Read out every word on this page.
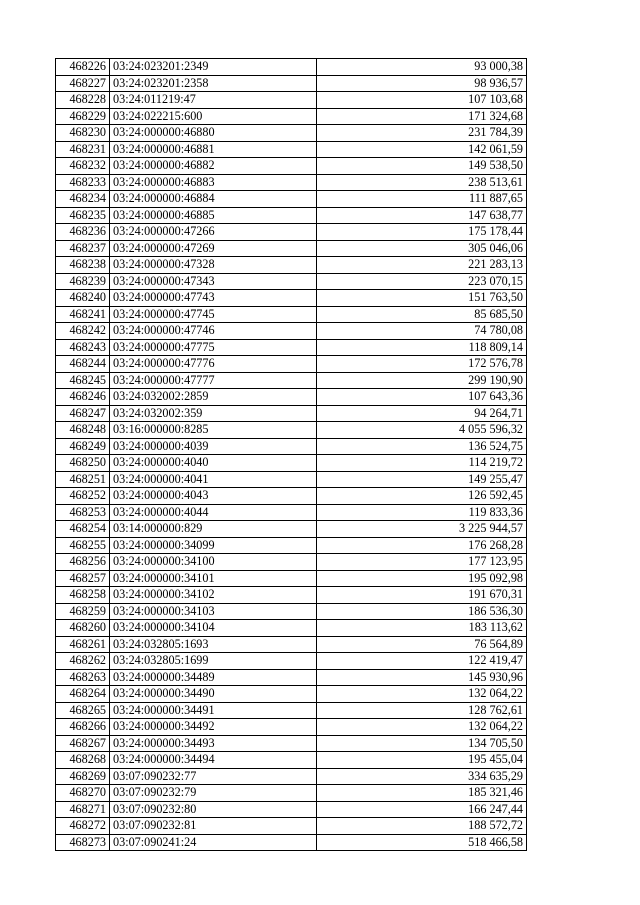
468226	03:24:023201:2349	93 000,38
468227	03:24:023201:2358	98 936,57
468228	03:24:011219:47	107 103,68
468229	03:24:022215:600	171 324,68
468230	03:24:000000:46880	231 784,39
468231	03:24:000000:46881	142 061,59
468232	03:24:000000:46882	149 538,50
468233	03:24:000000:46883	238 513,61
468234	03:24:000000:46884	111 887,65
468235	03:24:000000:46885	147 638,77
468236	03:24:000000:47266	175 178,44
468237	03:24:000000:47269	305 046,06
468238	03:24:000000:47328	221 283,13
468239	03:24:000000:47343	223 070,15
468240	03:24:000000:47743	151 763,50
468241	03:24:000000:47745	85 685,50
468242	03:24:000000:47746	74 780,08
468243	03:24:000000:47775	118 809,14
468244	03:24:000000:47776	172 576,78
468245	03:24:000000:47777	299 190,90
468246	03:24:032002:2859	107 643,36
468247	03:24:032002:359	94 264,71
468248	03:16:000000:8285	4 055 596,32
468249	03:24:000000:4039	136 524,75
468250	03:24:000000:4040	114 219,72
468251	03:24:000000:4041	149 255,47
468252	03:24:000000:4043	126 592,45
468253	03:24:000000:4044	119 833,36
468254	03:14:000000:829	3 225 944,57
468255	03:24:000000:34099	176 268,28
468256	03:24:000000:34100	177 123,95
468257	03:24:000000:34101	195 092,98
468258	03:24:000000:34102	191 670,31
468259	03:24:000000:34103	186 536,30
468260	03:24:000000:34104	183 113,62
468261	03:24:032805:1693	76 564,89
468262	03:24:032805:1699	122 419,47
468263	03:24:000000:34489	145 930,96
468264	03:24:000000:34490	132 064,22
468265	03:24:000000:34491	128 762,61
468266	03:24:000000:34492	132 064,22
468267	03:24:000000:34493	134 705,50
468268	03:24:000000:34494	195 455,04
468269	03:07:090232:77	334 635,29
468270	03:07:090232:79	185 321,46
468271	03:07:090232:80	166 247,44
468272	03:07:090232:81	188 572,72
468273	03:07:090241:24	518 466,58
